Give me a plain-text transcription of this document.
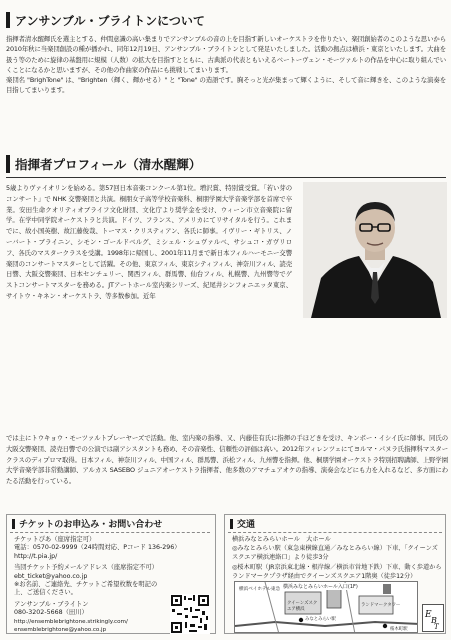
アンサンブル・ブライトンについて

指揮者清水醒輝氏を選主とする、仲間意識の高い集まりでアンサンブルの音の上を目指す新しいオーケストラを作りたい、楽団創始者のこのような思いから2010年秋に当楽団創設の種が播かれ、同年12月19日、アンサンブル・ブライトンとして発足いたしました。活動の拠点は横浜・東京といたします。大曲を扱う等のために旋律の基盤用に規模（人数）の拡大を目指すとともに、古典派の代表ともいえるベートーヴェン・モーツァルトの作品を中心に取り組んでいくことになるかと思いますが、その他の作曲家の作品にも挑戦してまいります。

楽団名 "BrighTone" は、"Brighten（輝く、輝かせる）" と "Tone" の造語です。胸そっと光が集まって輝くように、そして音に輝きを、このような演奏を目指してまいります。

指揮者プロフィール（清水醒輝）

5歳よりヴァイオリンを始める。第57回日本音楽コンクール第1位。増沢賞、特別賞受賞。「若い芽のコンサート」で NHK 交響楽団と共演。桐朋女子高等学校音楽科、桐朋学園大学音楽学部を首席で卒業。安田生命クオリティオブライフ文化財団、文化庁より奨学金を受け、ウィーン市立音楽院に留学。在学中同学院オーケストラと共演。ドイツ、フランス、アメリカにてリサイタルを行う。これまでに、故小国英樹、故江藤俊哉、トーマス・クリスティアン、各氏に師事。イヴリー・ギトリス、ノーバート・ブライニン、シモン・ゴールドベルグ、ミシェル・シュヴァルベ、サシュコ・ガヴリロフ、各氏のマスタークラスを受講。1998年に帰国し、2001年11月まで新日本フィルハーモニー交響楽団のコンサートマスターとして活躍。その他、東京フィル、東京シティフィル、神奈川フィル、読売日響、大阪交響楽団、日本センチュリー、関西フィル、群馬響、仙台フィル、札幌響、九州響等でゲストコンサートマスターを務める。JTアートホール室内楽シリーズ、紀尾井シンフォニエッタ東京、サイトウ・キネン・オーケストラ、等多数参加。近年

では主にトウキョウ・モーツァルトプレーヤーズで活動。他、室内楽の指導、又、内藤佳有氏に指揮の手ほどきを受け、キンボー・イシイ氏に師事。同氏の大阪交響楽団、読売日響での公演では副アシスタントも務め、その音楽性、信頼性の評価は高い。2012年フィレンツェにてヨルマ・パヌラ氏指揮科マスタークラスのディプロマ取得。日本フィル、神奈川フィル、中国フィル、群馬響、浜松フィル、九州響を指揮。他、桐朋学園オーケストラ特別招聘講師、上野学園大学音楽学部非常勤講師、アルカス SASEBO ジュニアオーケストラ指揮者、他多数のアマチュアオケの指導、演奏会などにも力を入れるなど、多方面にわたる活動を行っている。

チケットのお申込み・お問い合わせ
チケットぴあ（座席指定可）
電話：0570-02-9999（24時間対応、Pコード 136-296）
http://t.pia.jp/
当団チケット予約メールアドレス（座席指定不可）
ebt_ticket@yahoo.co.jp
※お名前、ご連絡先、チケットご希望枚数を明記の上、ご送信ください。
アンサンブル・ブライトン
080-3202-5668（田川）
http://ensemblebrightone.strikingly.com/
ensemblebrightone@yahoo.co.jp
交通
横浜みなとみらいホール　大ホール
◎みなとみらい駅（東急東横線直通／みなとみらい線）下車、「クイーンズスクエア横浜連絡口」より徒歩3分
◎桜木町駅（JR京浜東北線・根岸線／横浜市営地下鉄）下車、動く歩道からランドマークプラザ経由でクイーンズスクエア1階奥（徒歩12分）
横浜みなとみらいホール入口(1F)
横浜ベイホテル東急
クイーンズスクエア横浜
ランドマークタワー
みなとみらい駅
桜木町駅
E
B
T
